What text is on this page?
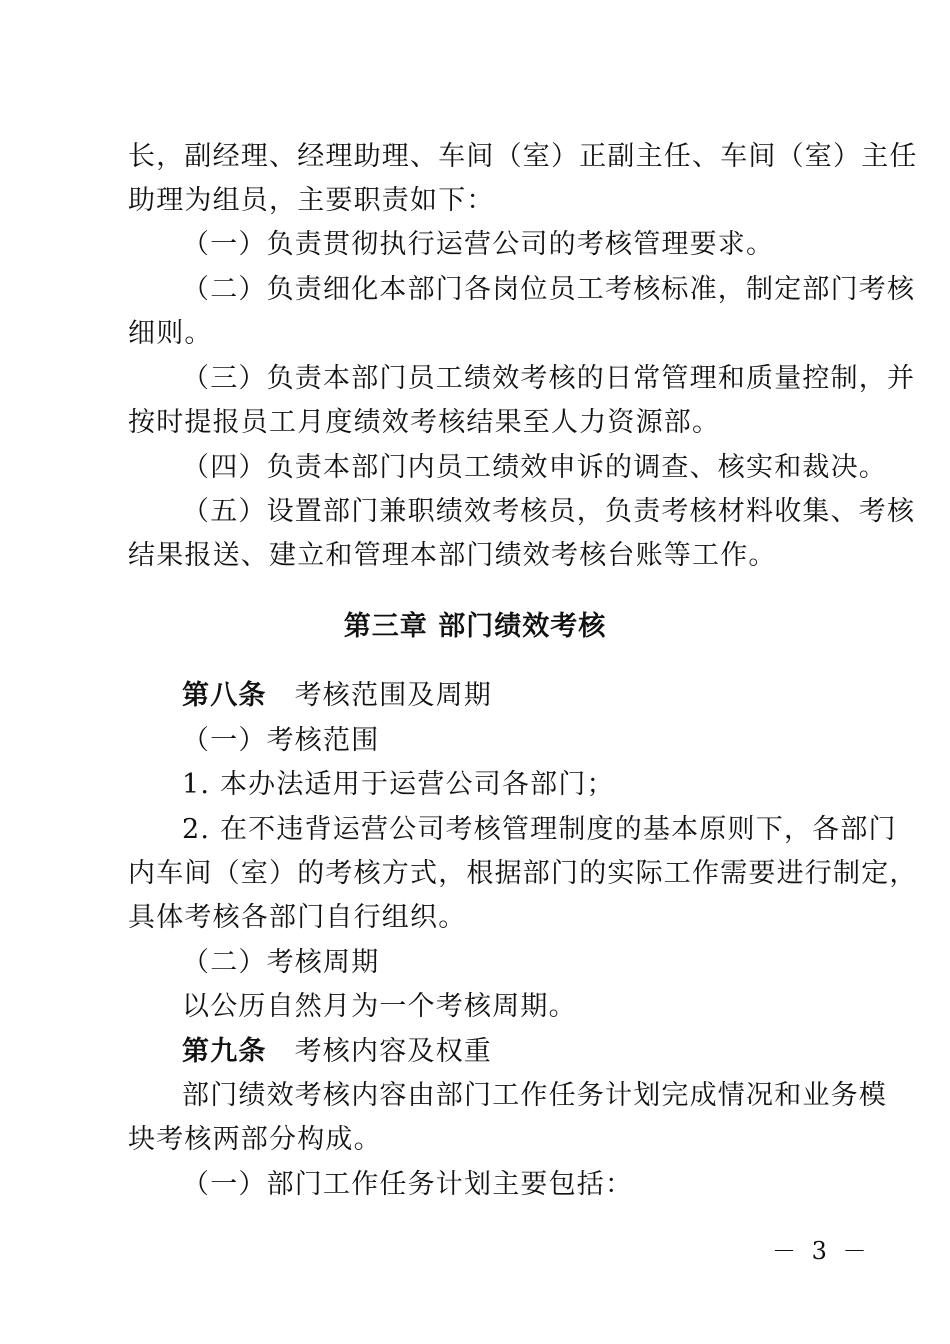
长，副经理、经理助理、车间（室）正副主任、车间（室）主任
助理为组员，主要职责如下：
（一）负责贯彻执行运营公司的考核管理要求。
（二）负责细化本部门各岗位员工考核标准，制定部门考核
细则。
（三）负责本部门员工绩效考核的日常管理和质量控制，并
按时提报员工月度绩效考核结果至人力资源部。
（四）负责本部门内员工绩效申诉的调查、核实和裁决。
（五）设置部门兼职绩效考核员，负责考核材料收集、考核
结果报送、建立和管理本部门绩效考核台账等工作。
第三章 部门绩效考核
第八条 考核范围及周期
（一）考核范围
1. 本办法适用于运营公司各部门；
2. 在不违背运营公司考核管理制度的基本原则下，各部门
内车间（室）的考核方式，根据部门的实际工作需要进行制定，
具体考核各部门自行组织。
（二）考核周期
以公历自然月为一个考核周期。
第九条 考核内容及权重
部门绩效考核内容由部门工作任务计划完成情况和业务模
块考核两部分构成。
（一）部门工作任务计划主要包括：
－ 3 －
